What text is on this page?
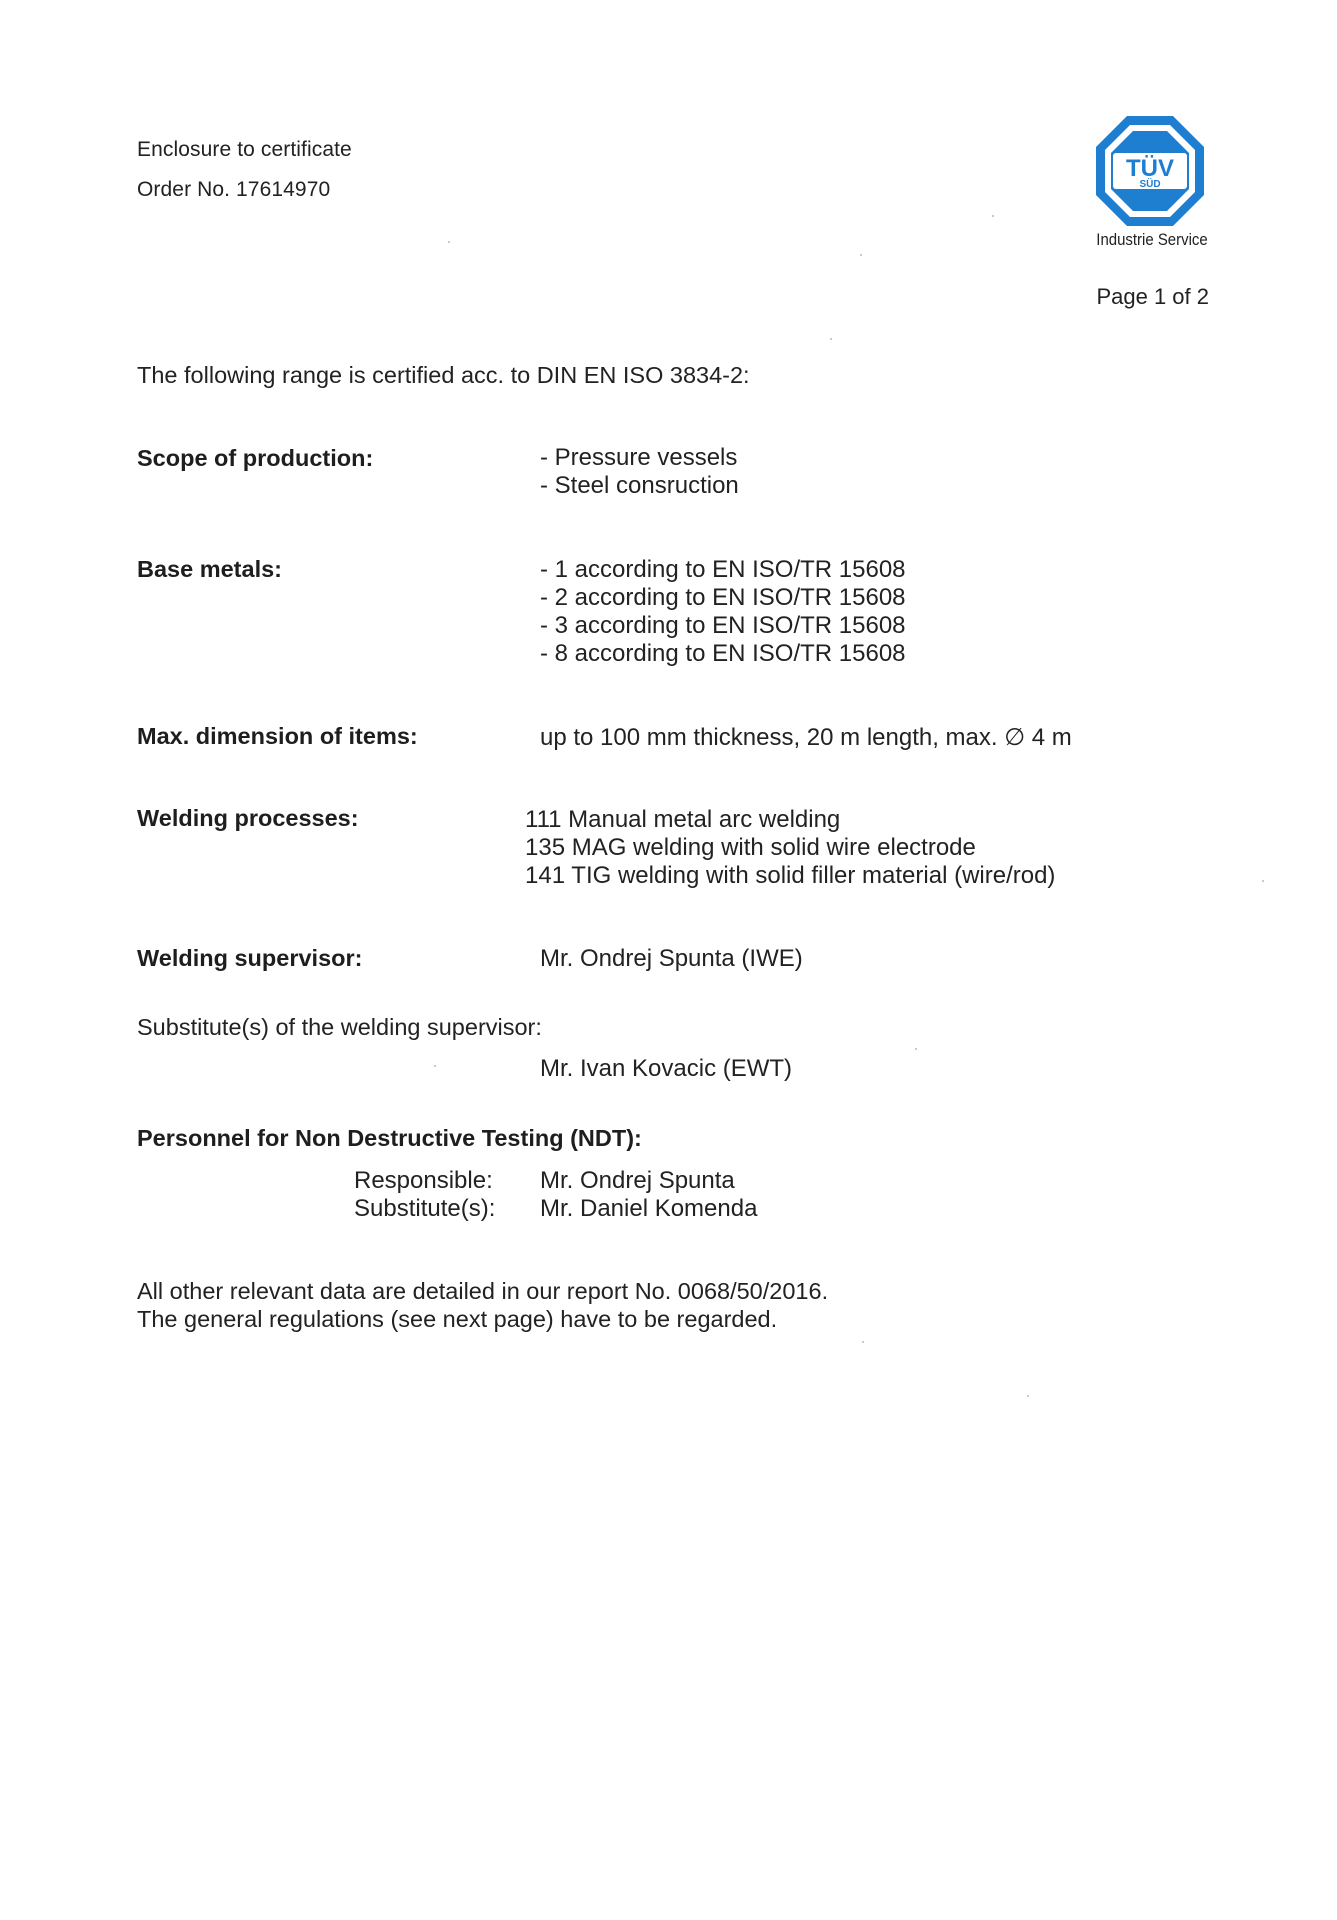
Enclosure to certificate
Order No. 17614970
TÜV
SÜD
Industrie Service
Page 1 of 2
The following range is certified acc. to DIN EN ISO 3834-2:
Scope of production:	- Pressure vessels
- Steel consruction
Base metals:	- 1 according to EN ISO/TR 15608
- 2 according to EN ISO/TR 15608
- 3 according to EN ISO/TR 15608
- 8 according to EN ISO/TR 15608
Max. dimension of items:	up to 100 mm thickness, 20 m length, max. ∅ 4 m
Welding processes:	111 Manual metal arc welding
135 MAG welding with solid wire electrode
141 TIG welding with solid filler material (wire/rod)
Welding supervisor:	Mr. Ondrej Spunta (IWE)
Substitute(s) of the welding supervisor:
Mr. Ivan Kovacic (EWT)
Personnel for Non Destructive Testing (NDT):
Responsible: Mr. Ondrej Spunta
Substitute(s): Mr. Daniel Komenda
All other relevant data are detailed in our report No. 0068/50/2016.
The general regulations (see next page) have to be regarded.
